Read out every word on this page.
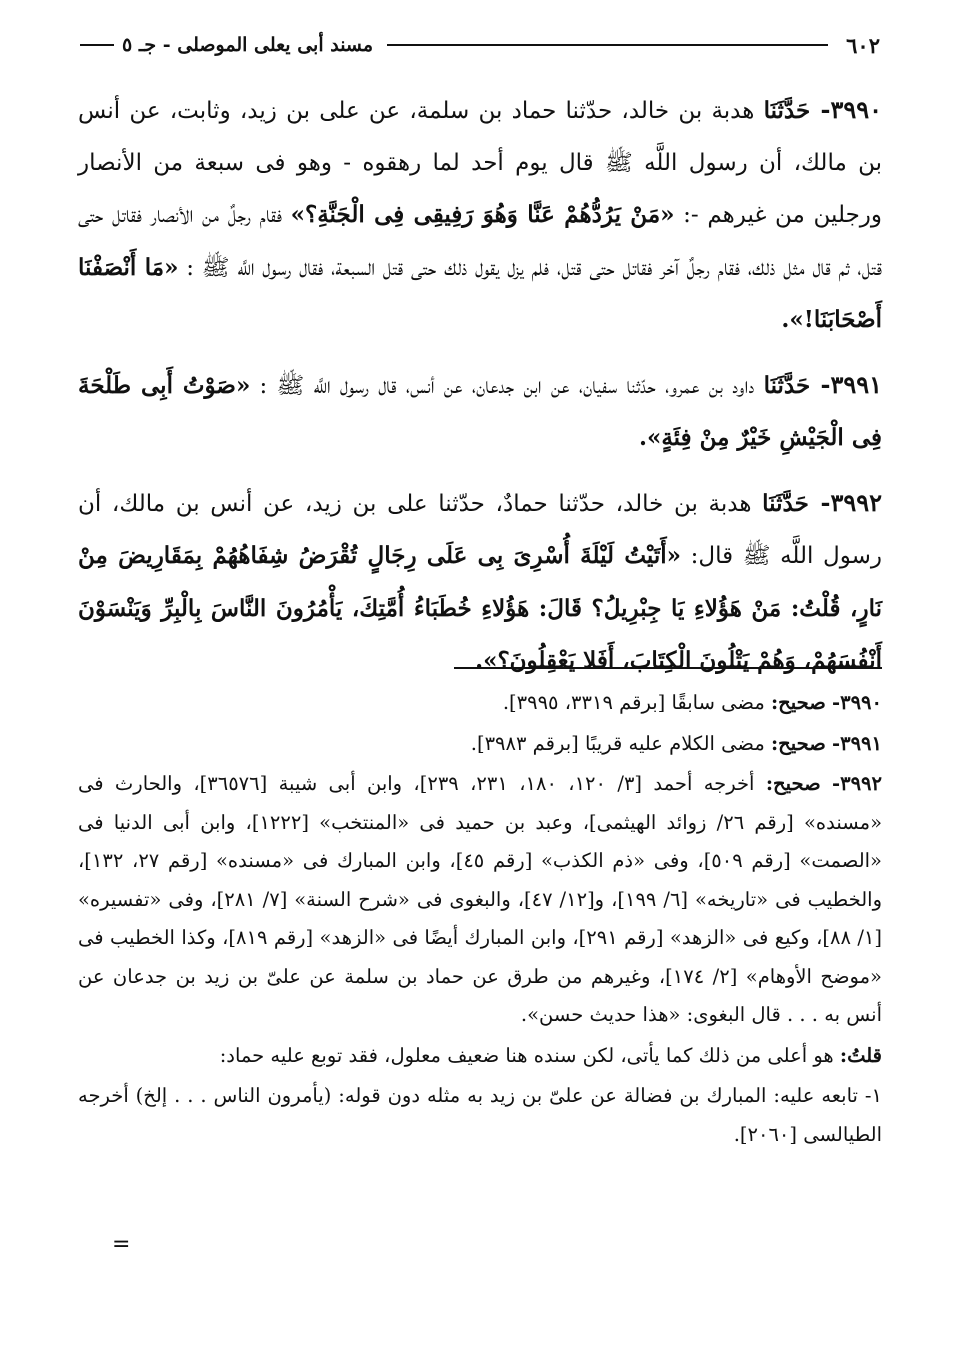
٦٠٢
مسند أبى يعلى الموصلى - جـ ٥

٣٩٩٠- حَدَّثَنَا هدبة بن خالد، حدّثنا حماد بن سلمة، عن على بن زيد، وثابت، عن أنس بن مالك، أن رسول اللَّه ﷺ قال يوم أحد لما رهقوه - وهو فى سبعة من الأنصار ورجلين من غيرهم -: «مَنْ يَرُدُّهُمْ عَنَّا وَهُوَ رَفِيقِى فِى الْجَنَّةِ؟» فقام رجلٌ من الأنصار فقاتل حتى قتل، ثم قال مثل ذلك، فقام رجلٌ آخر فقاتل حتى قتل، فلم يزل يقول ذلك حتى قتل السبعة، فقال رسول اللَّه ﷺ : «مَا أَنْصَفْنَا أَصْحَابَنَا!».

٣٩٩١- حَدَّثَنَا داود بن عمرو، حدّثنا سفيان، عن ابن جدعان، عن أنس، قال رسول اللَّه ﷺ : «صَوْتُ أَبِى طَلْحَةَ فِى الْجَيْشِ خَيْرٌ مِنْ فِئَةٍ».

٣٩٩٢- حَدَّثَنَا هدبة بن خالد، حدّثنا حمادٌ، حدّثنا على بن زيد، عن أنس بن مالك، أن رسول اللَّه ﷺ قال: «أَتَيْتُ لَيْلَةَ أُسْرِىَ بِى عَلَى رِجَالٍ تُقْرَضُ شِفَاهُهُمْ بِمَقَارِيضَ مِنْ نَارٍ، قُلْتُ: مَنْ هَؤُلاءِ يَا جِبْرِيلُ؟ قَالَ: هَؤُلاءِ خُطَبَاءُ أُمَّتِكَ، يَأْمُرُونَ النَّاسَ بِالْبِرِّ وَيَنْسَوْنَ أَنْفُسَهُمْ، وَهُمْ يَتْلُونَ الْكِتَابَ، أَفَلا يَعْقِلُونَ؟».

٣٩٩٠- صحيح: مضى سابقًا [برقم ٣٣١٩، ٣٩٩٥].

٣٩٩١- صحيح: مضى الكلام عليه قريبًا [برقم ٣٩٨٣].

٣٩٩٢- صحيح: أخرجه أحمد [٣/ ١٢٠، ١٨٠، ٢٣١، ٢٣٩]، وابن أبى شيبة [٣٦٥٧٦]، والحارث فى «مسنده» [رقم ٢٦/ زوائد الهيثمى]، وعبد بن حميد فى «المنتخب» [١٢٢٢]، وابن أبى الدنيا فى «الصمت» [رقم ٥٠٩]، وفى «ذم الكذب» [رقم ٤٥]، وابن المبارك فى «مسنده» [رقم ٢٧، ١٣٢]، والخطيب فى «تاريخه» [٦/ ١٩٩]، و[١٢/ ٤٧]، والبغوى فى «شرح السنة» [٧/ ٢٨١]، وفى «تفسيره» [١/ ٨٨]، وكيع فى «الزهد» [رقم ٢٩١]، وابن المبارك أيضًا فى «الزهد» [رقم ٨١٩]، وكذا الخطيب فى «موضح الأوهام» [٢/ ١٧٤]، وغيرهم من طرق عن حماد بن سلمة عن علىّ بن زيد بن جدعان عن أنس به . . . قال البغوى: «هذا حديث حسن».

قلتُ: هو أعلى من ذلك كما يأتى، لكن سنده هنا ضعيف معلول، فقد توبع عليه حماد:

١- تابعه عليه: المبارك بن فضالة عن علىّ بن زيد به مثله دون قوله: (يأمرون الناس . . . إلخ) أخرجه الطيالسى [٢٠٦٠].

=
